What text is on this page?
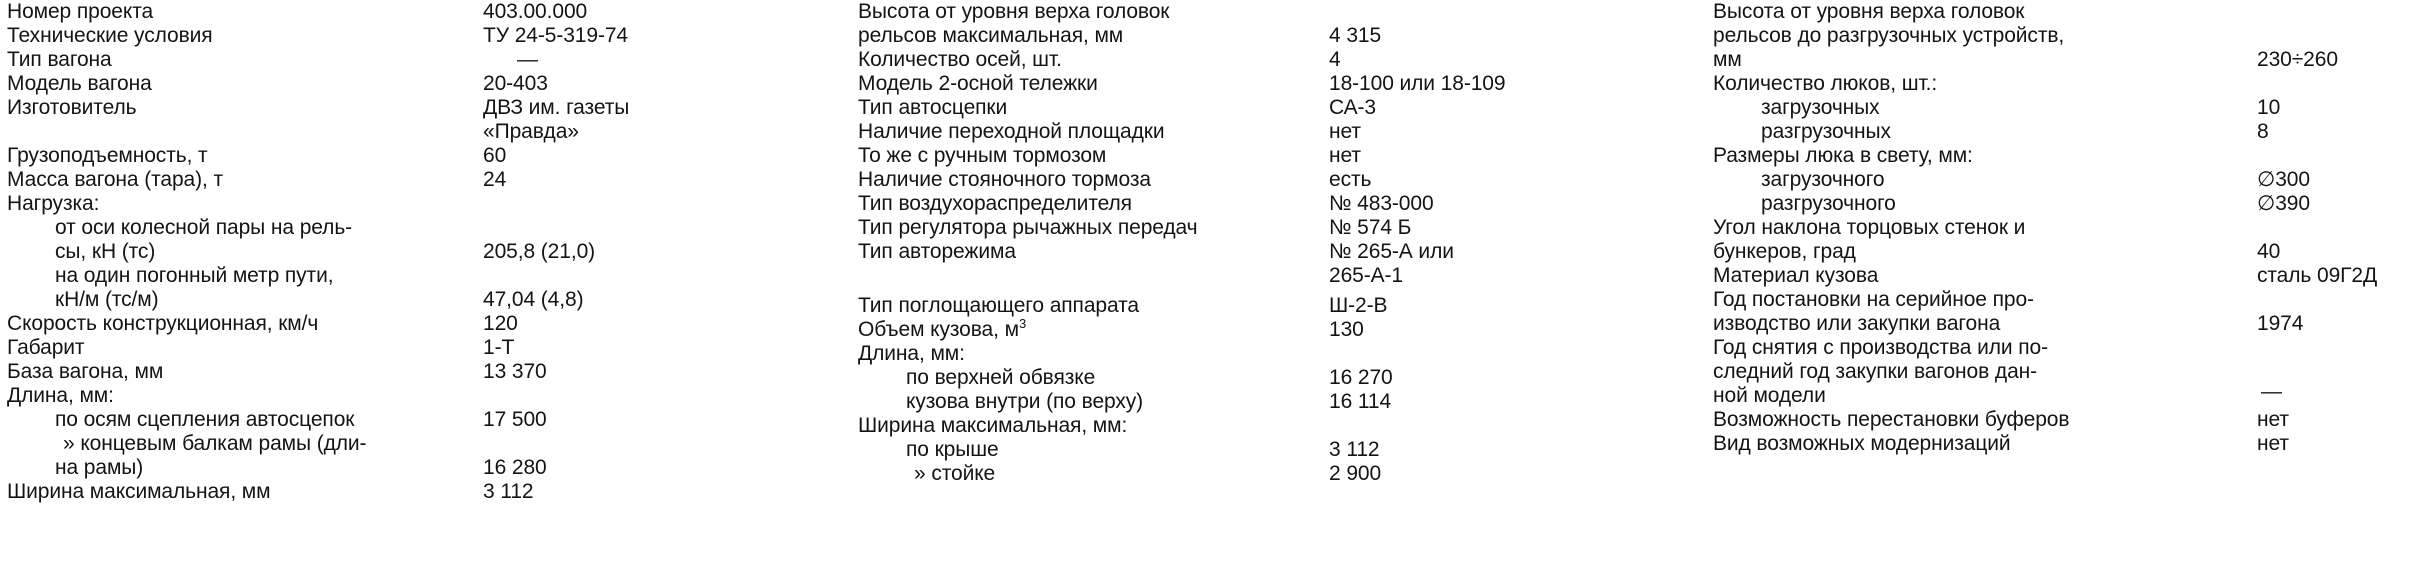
Номер проекта	403.00.000
Технические условия	ТУ 24-5-319-74
Тип вагона	—
Модель вагона	20-403
Изготовитель	ДВЗ им. газеты
«Правда»
Грузоподъемность, т	60
Масса вагона (тара), т	24
Нагрузка:
от оси колесной пары на рель-
сы, кН (тс)	205,8 (21,0)
на один погонный метр пути,
кН/м (тс/м)	47,04 (4,8)
Скорость конструкционная, км/ч	120
Габарит	1-Т
База вагона, мм	13 370
Длина, мм:
по осям сцепления автосцепок	17 500
» концевым балкам рамы (дли-
на рамы)	16 280
Ширина максимальная, мм	3 112
Высота от уровня верха головок
рельсов максимальная, мм	4 315
Количество осей, шт.	4
Модель 2-осной тележки	18-100 или 18-109
Тип автосцепки	СА-3
Наличие переходной площадки	нет
То же с ручным тормозом	нет
Наличие стояночного тормоза	есть
Тип воздухораспределителя	№ 483-000
Тип регулятора рычажных передач	№ 574 Б
Тип авторежима	№ 265-А или
265-А-1
Тип поглощающего аппарата	Ш-2-В
Объем кузова, $м^3$	130
Длина, мм:
по верхней обвязке	16 270
кузова внутри (по верху)	16 114
Ширина максимальная, мм:
по крыше	3 112
» стойке	2 900
Высота от уровня верха головок
рельсов до разгрузочных устройств,
мм	230÷260
Количество люков, шт.:
загрузочных	10
разгрузочных	8
Размеры люка в свету, мм:
загрузочного	∅300
разгрузочного	∅390
Угол наклона торцовых стенок и
бункеров, град	40
Материал кузова	сталь 09Г2Д
Год постановки на серийное про-
изводство или закупки вагона	1974
Год снятия с производства или по-
следний год закупки вагонов дан-
ной модели	—
Возможность перестановки буферов	нет
Вид возможных модернизаций	нет
